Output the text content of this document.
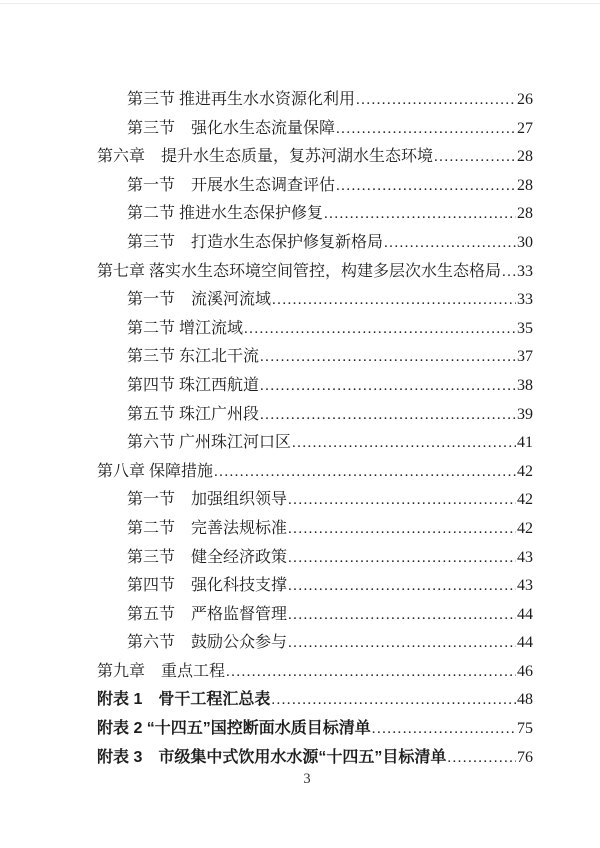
第三节 推进再生水水资源化利用 .....	26
第三节　强化水生态流量保障 .....	27
第六章　提升水生态质量，复苏河湖水生态环境 .....	28
第一节　开展水生态调查评估 .....	28
第二节 推进水生态保护修复 .....	28
第三节　打造水生态保护修复新格局 .....	30
第七章 落实水生态环境空间管控，构建多层次水生态格局 ..... 33
第一节　流溪河流域 .....	33
第二节 增江流域 .....	35
第三节 东江北干流 .....	37
第四节 珠江西航道 .....	38
第五节 珠江广州段 .....	39
第六节 广州珠江河口区 .....	41
第八章 保障措施 .....	42
第一节　加强组织领导 .....	42
第二节　完善法规标准 .....	42
第三节　健全经济政策 .....	43
第四节　强化科技支撑 .....	43
第五节　严格监督管理 .....	44
第六节　鼓励公众参与 .....	44
第九章　重点工程 .....	46
附表 1　骨干工程汇总表 .....	48
附表 2 “十四五”国控断面水质目标清单 .....	75
附表 3　市级集中式饮用水水源“十四五”目标清单 .....	76
3
